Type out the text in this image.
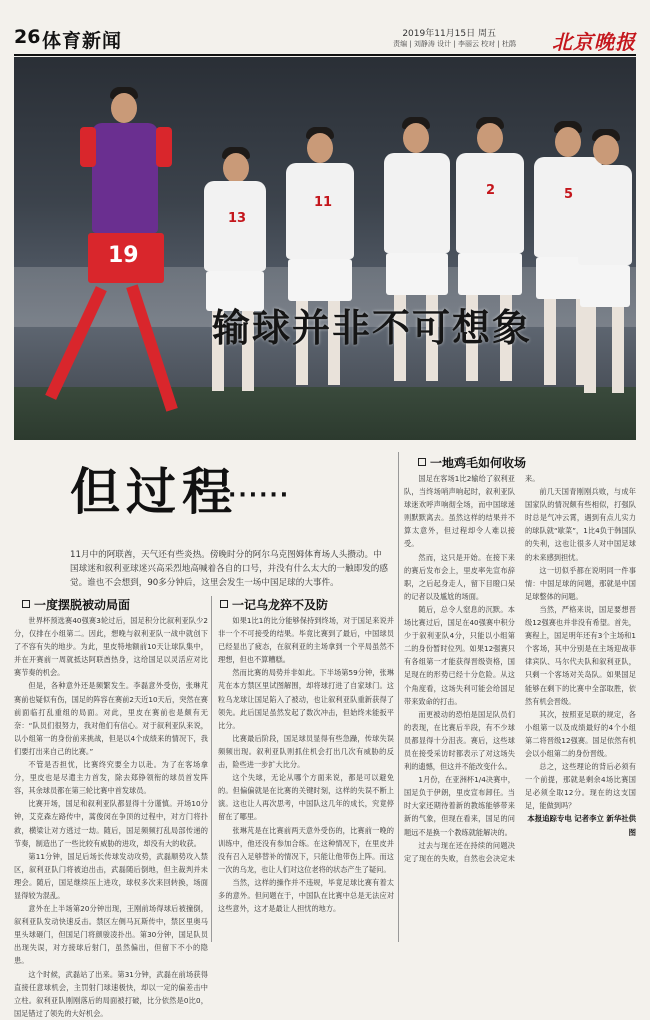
26 体育新闻	2019年11月15日 周五
责编 | 刘静涛 设计 | 李丽云 校对 | 杜鹃 北京晚报
19
13
11
2	5
输球并非不可想象
但过程
······
11月中的阿联酋，天气还有些炎热。傍晚时分的阿尔乌克图姆体育场人头攒动。中国球迷和叙利亚球迷兴高采烈地高喊着各自的口号，并没有什么太大的一触即发的感觉。谁也不会想到，90多分钟后，这里会发生一场中国足球的大事件。
一地鸡毛如何收场

国足在客场1比2输给了叙利亚队，当终场哨声响起时，叙利亚队球迷欢呼声响彻全场，而中国球迷则默默离去。虽然这样的结果并不算太意外，但过程却令人难以接受。

然而，这只是开始。在接下来的赛后发布会上，里皮率先宣布辞职，之后起身走人，留下目瞪口呆的记者以及尴尬的场面。

随后，总令人窒息的沉默。本场比赛过后，国足在40强赛中积分少于叙利亚队4分，只能以小组第二的身份暂时位列。如果12强赛只有各组第一才能获得晋级资格，国足现在的形势已经十分危险。从这个角度看，这场失利可能会给国足带来致命的打击。

而更被动的恐怕是国足队员们的表现，在比赛后半段，有不少球员都显得十分沮丧。赛后，这些球员在接受采访时都表示了对这场失利的遗憾，但这并不能改变什么。

1月份，在亚洲杯1/4决赛中，国足负于伊朗，里皮宣布卸任。当时大家还期待着新的教练能够带来新的气象，但现在看来，国足的问题远不是换一个教练就能解决的。

过去与现在还在持续的问题决定了现在的失败，自然也会决定未来。

前几天国青刚刚兵败，与成年国家队的情况颇有些相似，打强队时总是气冲云霄，遇到有点儿实力的球队就“歇菜”，1比4负于韩国队的失利，这也让很多人对中国足球的未来感到担忧。

这一切似乎都在说明同一件事情：中国足球的问题，那就是中国足球整体的问题。

当然，严格来说，国足要想晋级12强赛也并非没有希望。首先，赛程上，国足明年还有3个主场和1个客场，其中分别是在主场迎战菲律宾队、马尔代夫队和叙利亚队，只剩一个客场对关岛队。如果国足能够在剩下的比赛中全部取胜，依然有机会晋级。

其次，按照亚足联的规定，各小组第一以及成绩最好的4个小组第二将晋级12强赛。国足依然有机会以小组第二的身份晋级。

总之，这些理论的背后必须有一个前提，那就是剩余4场比赛国足必须全取12分。现在的这支国足，能做到吗？

本报追踪专电 记者李立 新华社供图

一度摆脱被动局面

世界杯预选赛40强赛3轮过后，国足积分比叙利亚队少2分，仅排在小组第二。因此，想晚与叙利亚队一战中就创下了不容有失的地步。为此，里皮特地额前10天让球队集中，并在开赛前一周就抵达阿联酋热身，这给国足以灵活应对比赛节奏的机会。

但是，各种意外还是频繁发生。李磊意外受伤，张琳芃赛前也疑似有伤，国足的阵容在赛前2天近10天后，突然在赛前面临打乱重组的局面。对此，里皮在赛前也是颇有无奈：“队员们很努力，我对他们有信心。对于叙利亚队来说，以小组第一的身份前来挑战，但是以4个成绩来的情况下，我们要打出来自己的比赛。”

不管是否担忧，比赛终究要全力以赴。为了在客场拿分，里皮也是尽遣主力首发，除去郑铮领衔的球员首发阵容，其余球员都在第三轮比赛中首发球员。

比赛开场，国足和叙利亚队都显得十分谨慎。开场10分钟，艾克森左路传中，蒿俊闵在争顶的过程中，对方门将扑救，横梁让对方逃过一劫。随后，国足频频打乱局部传递的节奏，制造出了一些比较有威胁的进攻，却没有大的收获。

第11分钟，国足后场长传球发动攻势，武磊顺势攻入禁区，叙利亚队门将被迫出击，武磊随后倒地，但主裁判并未理会。随后，国足继续压上进攻，球权多次来回转换，场面显得较为混乱。

意外在上半场第20分钟出现，王刚前场得球后被撞倒，叙利亚队发动快速反击。禁区左侧马瓦斯传中，禁区里奥马里头球砸门，但国足门将颜骏凌扑出。第30分钟，国足队员出现失误，对方接球后射门，虽然偏出，但留下不小的隐患。

这个时候，武磊站了出来。第31分钟，武磊在前场获得直接任意球机会，主罚射门球速极快，却以一定的偏差击中立柱。叙利亚队刚刚落后的局面被打破，比分依然是0比0，国足错过了领先的大好机会。

一记乌龙猝不及防

如果1比1的比分能够保持到终场，对于国足来说并非一个不可接受的结果。毕竟比赛到了最后，中国球员已经显出了疲态，在叙利亚的主场拿到一个平局虽然不理想，但也不算糟糕。

然而比赛的局势并非如此。下半场第59分钟，张琳芃在本方禁区里试图解围，却将球打进了自家球门。这粒乌龙球让国足陷入了被动，也让叙利亚队重新获得了领先。此后国足虽然发起了数次冲击，但始终未能扳平比分。

比赛最后阶段，国足球员显得有些急躁，传球失误频频出现。叙利亚队则抓住机会打出几次有威胁的反击，险些进一步扩大比分。

这个失球，无论从哪个方面来说，都是可以避免的。但偏偏就是在比赛的关键时刻，这样的失误不断上演。这也让人再次思考，中国队这几年的成长，究竟停留在了哪里。

张琳芃是在比赛前两天意外受伤的，比赛前一晚的训练中，他还没有参加合练。在这种情况下，在里皮并没有召入足够替补的情况下，只能让他带伤上阵。而这一次的乌龙，也让人们对这位老将的状态产生了疑问。

当然，这样的操作并不违规，毕竟足球比赛有着太多的意外。但问题在于，中国队在比赛中总是无法应对这些意外，这才是最让人担忧的地方。
